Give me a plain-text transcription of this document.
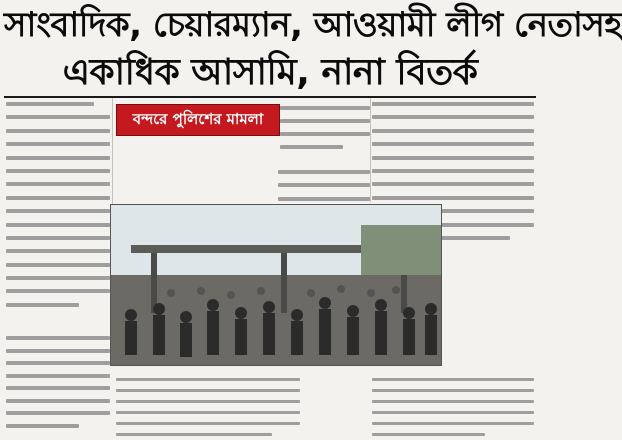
সাংবাদিক, চেয়ারম্যান, আওয়ামী লীগ নেতাসহ
একাধিক আসামি, নানা বিতর্ক
বন্দরে পুলিশের মামলা
